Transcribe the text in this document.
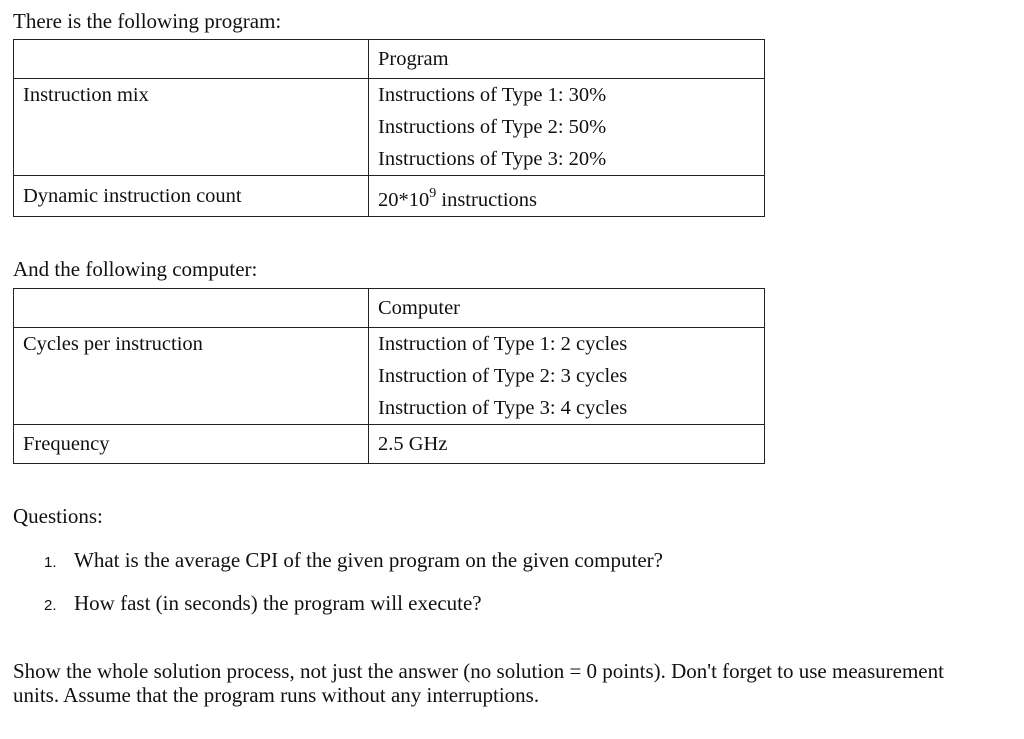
There is the following program:

	Program

Instruction mix	Instructions of Type 1: 30%
Instructions of Type 2: 50%
Instructions of Type 3: 20%

Dynamic instruction count	$20*10^9$ instructions
And the following computer:

	Computer

Cycles per instruction	Instruction of Type 1: 2 cycles
Instruction of Type 2: 3 cycles
Instruction of Type 3: 4 cycles

Frequency	2.5 GHz
Questions:
1. What is the average CPI of the given program on the given computer?
2. How fast (in seconds) the program will execute?
Show the whole solution process, not just the answer (no solution = 0 points). Don't forget to use measurement
units. Assume that the program runs without any interruptions.
